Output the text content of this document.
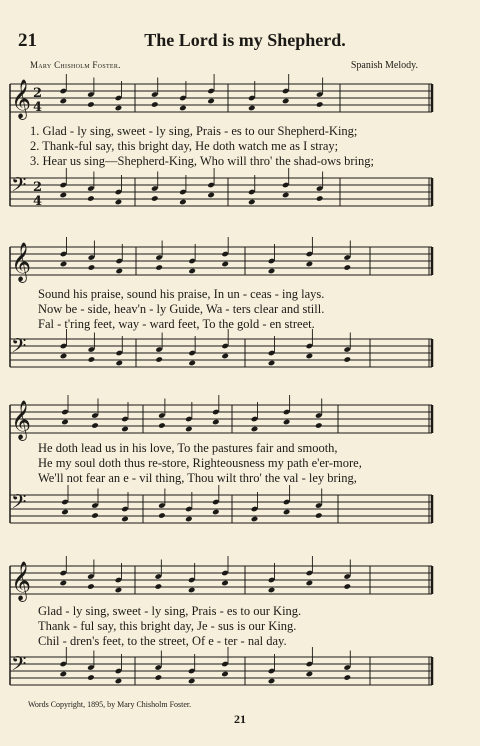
21	The Lord is my Shepherd.
Mary Chisholm Foster.	Spanish Melody.
𝄞
𝄢
𝄞
𝄢
𝄞
𝄢
𝄞
𝄢
2
4
2
4
1. Glad - ly sing, sweet - ly sing, Prais - es to our Shepherd-King;
2. Thank-ful say, this bright day, He doth watch me as I stray;
3. Hear us sing—Shepherd-King, Who will thro' the shad-ows bring;
Sound his praise, sound his praise, In un - ceas - ing lays.
Now be - side, heav'n - ly Guide, Wa - ters clear and still.
Fal - t'ring feet, way - ward feet, To the gold - en street.
He doth lead us in his love, To the pastures fair and smooth,
He my soul doth thus re-store, Righteousness my path e'er-more,
We'll not fear an e - vil thing, Thou wilt thro' the val - ley bring,
Glad - ly sing, sweet - ly sing, Prais - es to our King.
Thank - ful say, this bright day, Je - sus is our King.
Chil - dren's feet, to the street, Of e - ter - nal day.
Words Copyright, 1895, by Mary Chisholm Foster.
21
